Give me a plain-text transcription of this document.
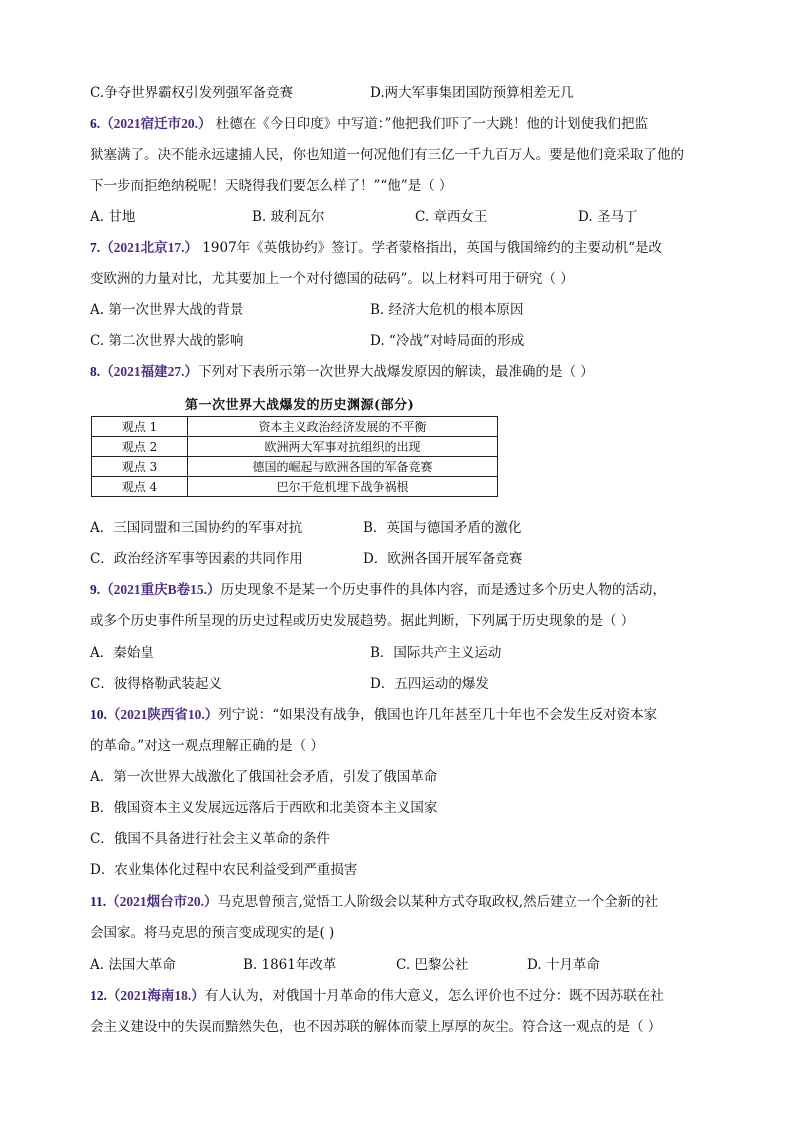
C.争夺世界霸权引发列强军备竞赛	D.两大军事集团国防预算相差无几
6.（2021宿迁市20.） 杜德在《今日印度》中写道：”他把我们吓了一大跳！他的计划使我们把监
狱塞满了。决不能永远逮捕人民，你也知道一何况他们有三亿一千九百万人。要是他们竟采取了他的
下一步而拒绝纳税呢！天晓得我们要怎么样了！”“他”是（ ）
A. 甘地	B. 玻利瓦尔	C. 章西女王	D. 圣马丁
7.（2021北京17.） 1907年《英俄协约》签订。学者蒙格指出，英国与俄国缔约的主要动机“是改
变欧洲的力量对比，尤其要加上一个对付德国的砝码”。以上材料可用于研究（ ）
A. 第一次世界大战的背景	B. 经济大危机的根本原因
C. 第二次世界大战的影响	D. “冷战”对峙局面的形成
8.（2021福建27.）下列对下表所示第一次世界大战爆发原因的解读，最准确的是（ ）
第一次世界大战爆发的历史渊源(部分)
观点 1	资本主义政治经济发展的不平衡
观点 2	欧洲两大军事对抗组织的出现
观点 3	德国的崛起与欧洲各国的军备竞赛
观点 4	巴尔干危机埋下战争祸根
A．三国同盟和三国协约的军事对抗	B．英国与德国矛盾的激化
C．政治经济军事等因素的共同作用	D．欧洲各国开展军备竞赛
9.（2021重庆B卷15.）历史现象不是某一个历史事件的具体内容，而是透过多个历史人物的活动，
或多个历史事件所呈现的历史过程或历史发展趋势。据此判断，下列属于历史现象的是（ ）
A．秦始皇	B．国际共产主义运动
C．彼得格勒武装起义	D．五四运动的爆发
10.（2021陕西省10.）列宁说：“如果没有战争，俄国也许几年甚至几十年也不会发生反对资本家
的革命。”对这一观点理解正确的是（ ）
A．第一次世界大战激化了俄国社会矛盾，引发了俄国革命
B．俄国资本主义发展远远落后于西欧和北美资本主义国家
C．俄国不具备进行社会主义革命的条件
D．农业集体化过程中农民利益受到严重损害
11.（2021烟台市20.）马克思曾预言,觉悟工人阶级会以某种方式夺取政权,然后建立一个全新的社
会国家。将马克思的预言变成现实的是( )
A. 法国大革命	B. 1861年改革	C. 巴黎公社	D. 十月革命
12.（2021海南18.）有人认为，对俄国十月革命的伟大意义，怎么评价也不过分：既不因苏联在社
会主义建设中的失误而黯然失色，也不因苏联的解体而蒙上厚厚的灰尘。符合这一观点的是（ ）
